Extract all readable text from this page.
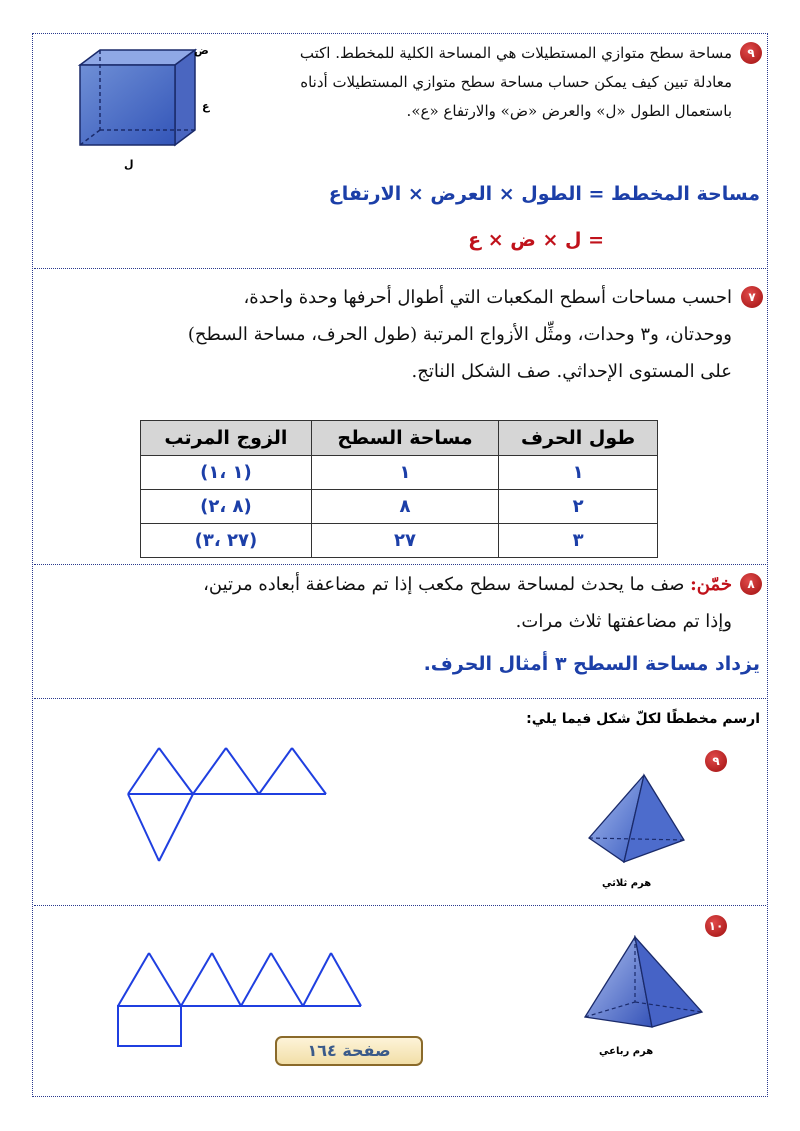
٩
مساحة سطح متوازي المستطيلات هي المساحة الكلية للمخطط. اكتب
معادلة تبين كيف يمكن حساب مساحة سطح متوازي المستطيلات أدناه
باستعمال الطول «ل» والعرض «ض» والارتفاع «ع».
ض
ع
ل
مساحة المخطط = الطول × العرض × الارتفاع
= ل × ض × ع
٧
احسب مساحات أسطح المكعبات التي أطوال أحرفها وحدة واحدة،
ووحدتان، و٣ وحدات، ومثِّل الأزواج المرتبة (طول الحرف، مساحة السطح)
على المستوى الإحداثي. صف الشكل الناتج.
طول الحرف	مساحة السطح	الزوج المرتب
١	١	(١ ،١)
٢	٨	(٨ ،٢)
٣	٢٧	(٢٧ ،٣)
٨
خمّن: صف ما يحدث لمساحة سطح مكعب إذا تم مضاعفة أبعاده مرتين،
وإذا تم مضاعفتها ثلاث مرات.
يزداد مساحة السطح ٣ أمثال الحرف.
ارسم مخططًا لكلّ شكل فيما يلي:
٩
هرم ثلاثي
١٠
هرم رباعي
صفحة ١٦٤
